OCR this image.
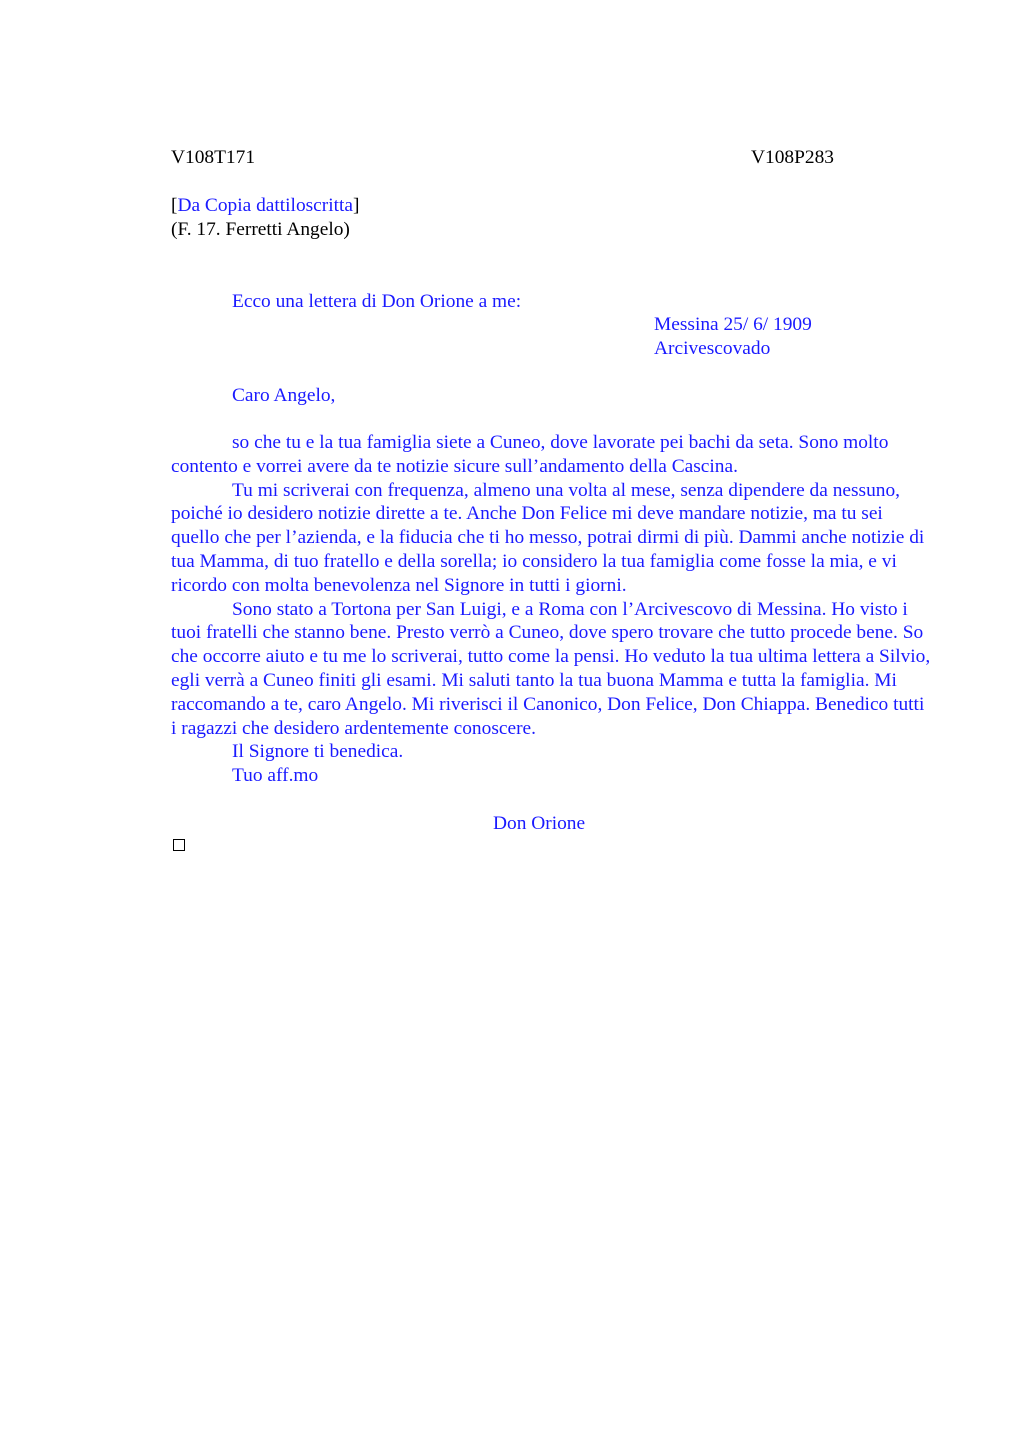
V108T171	V108P283
[Da Copia dattiloscritta]
(F. 17. Ferretti Angelo)
Ecco una lettera di Don Orione a me:
Messina 25/ 6/ 1909
Arcivescovado
Caro Angelo,

so che tu e la tua famiglia siete a Cuneo, dove lavorate pei bachi da seta. Sono molto contento e vorrei avere da te notizie sicure sull’andamento della Cascina.

Tu mi scriverai con frequenza, almeno una volta al mese, senza dipendere da nessuno, poiché io desidero notizie dirette a te. Anche Don Felice mi deve mandare notizie, ma tu sei quello che per l’azienda, e la fiducia che ti ho messo, potrai dirmi di più. Dammi anche notizie di tua Mamma, di tuo fratello e della sorella; io considero la tua famiglia come fosse la mia, e vi ricordo con molta benevolenza nel Signore in tutti i giorni.

Sono stato a Tortona per San Luigi, e a Roma con l’Arcivescovo di Messina. Ho visto i tuoi fratelli che stanno bene. Presto verrò a Cuneo, dove spero trovare che tutto procede bene. So che occorre aiuto e tu me lo scriverai, tutto come la pensi. Ho veduto la tua ultima lettera a Silvio, egli verrà a Cuneo finiti gli esami. Mi saluti tanto la tua buona Mamma e tutta la famiglia. Mi raccomando a te, caro Angelo. Mi riverisci il Canonico, Don Felice, Don Chiappa. Benedico tutti i ragazzi che desidero ardentemente conoscere.

Il Signore ti benedica.

Tuo aff.mo

Don Orione
